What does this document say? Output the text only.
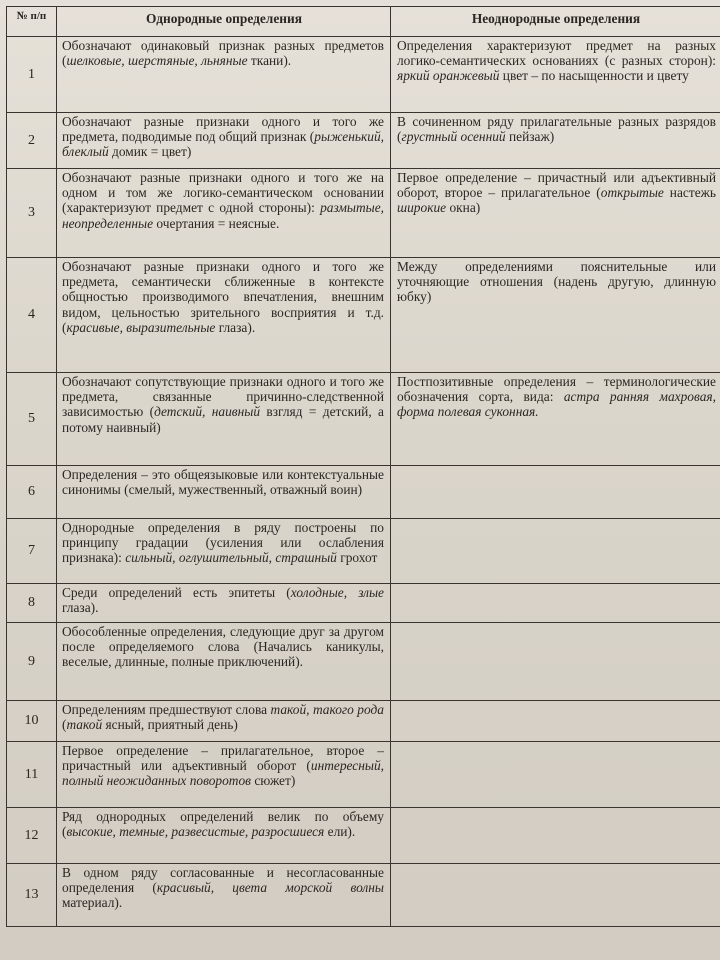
№ п/п	Однородные определения	Неоднородные определения
1	Обозначают одинаковый признак разных предметов (шелковые, шерстяные, льняные ткани).	Определения характеризуют предмет на разных логико-семантических основаниях (с разных сторон): яркий оранжевый цвет – по насыщенности и цвету
2	Обозначают разные признаки одного и того же предмета, подводимые под общий признак (рыженький, блеклый домик = цвет)	В сочиненном ряду прилагательные разных разрядов (грустный осенний пейзаж)
3	Обозначают разные признаки одного и того же на одном и том же логико-семантическом основании (характеризуют предмет с одной стороны): размытые, неопределенные очертания = неясные.	Первое определение – причастный или адъективный оборот, второе – прилагательное (открытые настежь широкие окна)
4	Обозначают разные признаки одного и того же предмета, семантически сближенные в контексте общностью производимого впечатления, внешним видом, цельностью зрительного восприятия и т.д. (красивые, выразительные глаза).	Между определениями пояснительные или уточняющие отношения (надень другую, длинную юбку)
5	Обозначают сопутствующие признаки одного и того же предмета, связанные причинно-следственной зависимостью (детский, наивный взгляд = детский, а потому наивный)	Постпозитивные определения – терминологические обозначения сорта, вида: астра ранняя махровая, форма полевая суконная.
6	Определения – это общеязыковые или контекстуальные синонимы (смелый, мужественный, отважный воин)	
7	Однородные определения в ряду построены по принципу градации (усиления или ослабления признака): сильный, оглушительный, страшный грохот	
8	Среди определений есть эпитеты (холодные, злые глаза).	
9	Обособленные определения, следующие друг за другом после определяемого слова (Начались каникулы, веселые, длинные, полные приключений).	
10	Определениям предшествуют слова такой, такого рода (такой ясный, приятный день)	
11	Первое определение – прилагательное, второе – причастный или адъективный оборот (интересный, полный неожиданных поворотов сюжет)	
12	Ряд однородных определений велик по объему (высокие, темные, развесистые, разросшиеся ели).	
13	В одном ряду согласованные и несогласованные определения (красивый, цвета морской волны материал).	
